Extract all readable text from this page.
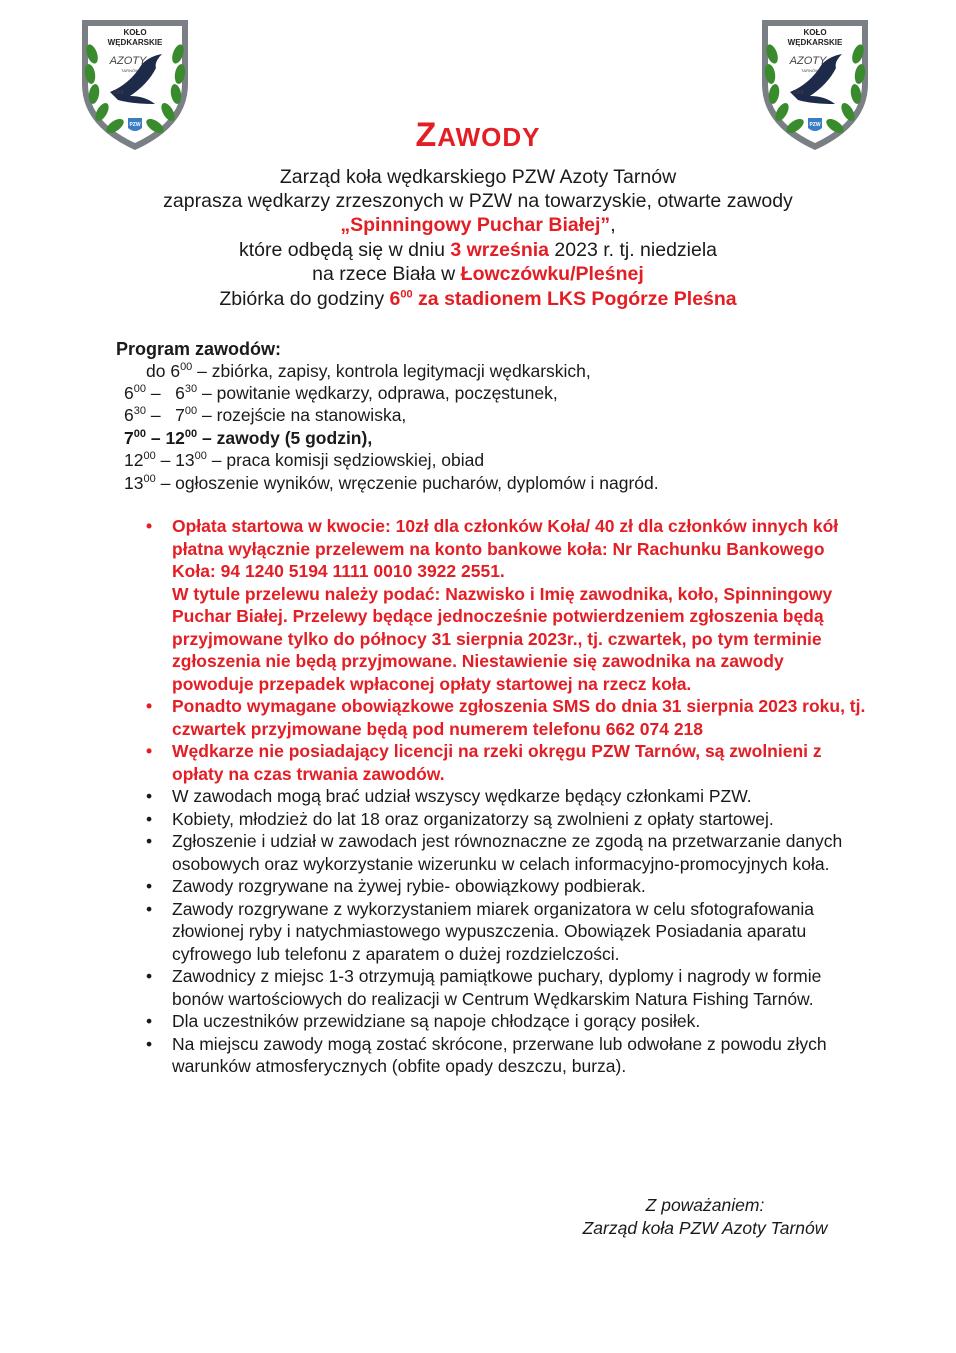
KOŁO
WĘDKARSKIE
AZOTY
TARNÓW
1964
PZW
KOŁO
WĘDKARSKIE
AZOTY
TARNÓW
1964
PZW
ZAWODY
Zarząd koła wędkarskiego PZW Azoty Tarnów
zaprasza wędkarzy zrzeszonych w PZW na towarzyskie, otwarte zawody
„Spinningowy Puchar Białej”,
które odbędą się w dniu 3 września 2023 r. tj. niedziela
na rzece Biała w Łowczówku/Pleśnej
Zbiórka do godziny $6^{00}$ za stadionem LKS Pogórze Pleśna
Program zawodów:
do $6^{00}$ – zbiórka, zapisy, kontrola legitymacji wędkarskich,
$6^{00} - 6^{30}$ – powitanie wędkarzy, odprawa, poczęstunek,
$6^{30} - 7^{00}$ – rozejście na stanowiska,
$7^{00} - 12^{00}$ – zawody (5 godzin),
$12^{00} - 13^{00}$ – praca komisji sędziowskiej, obiad
$13^{00}$ – ogłoszenie wyników, wręczenie pucharów, dyplomów i nagród.
• Opłata startowa w kwocie: 10zł dla członków Koła/ 40 zł dla członków innych kół płatna wyłącznie przelewem na konto bankowe koła: Nr Rachunku Bankowego Koła: 94 1240 5194 1111 0010 3922 2551.
W tytule przelewu należy podać: Nazwisko i Imię zawodnika, koło, Spinningowy Puchar Białej. Przelewy będące jednocześnie potwierdzeniem zgłoszenia będą przyjmowane tylko do północy 31 sierpnia 2023r., tj. czwartek, po tym terminie zgłoszenia nie będą przyjmowane. Niestawienie się zawodnika na zawody powoduje przepadek wpłaconej opłaty startowej na rzecz koła.
• Ponadto wymagane obowiązkowe zgłoszenia SMS do dnia 31 sierpnia 2023 roku, tj. czwartek przyjmowane będą pod numerem telefonu 662 074 218
• Wędkarze nie posiadający licencji na rzeki okręgu PZW Tarnów, są zwolnieni z opłaty na czas trwania zawodów.
• W zawodach mogą brać udział wszyscy wędkarze będący członkami PZW.
• Kobiety, młodzież do lat 18 oraz organizatorzy są zwolnieni z opłaty startowej.
• Zgłoszenie i udział w zawodach jest równoznaczne ze zgodą na przetwarzanie danych osobowych oraz wykorzystanie wizerunku w celach informacyjno-promocyjnych koła.
• Zawody rozgrywane na żywej rybie- obowiązkowy podbierak.
• Zawody rozgrywane z wykorzystaniem miarek organizatora w celu sfotografowania złowionej ryby i natychmiastowego wypuszczenia. Obowiązek Posiadania aparatu cyfrowego lub telefonu z aparatem o dużej rozdzielczości.
• Zawodnicy z miejsc 1-3 otrzymują pamiątkowe puchary, dyplomy i nagrody w formie bonów wartościowych do realizacji w Centrum Wędkarskim Natura Fishing Tarnów.
• Dla uczestników przewidziane są napoje chłodzące i gorący posiłek.
• Na miejscu zawody mogą zostać skrócone, przerwane lub odwołane z powodu złych warunków atmosferycznych (obfite opady deszczu, burza).
Z poważaniem:
Zarząd koła PZW Azoty Tarnów
